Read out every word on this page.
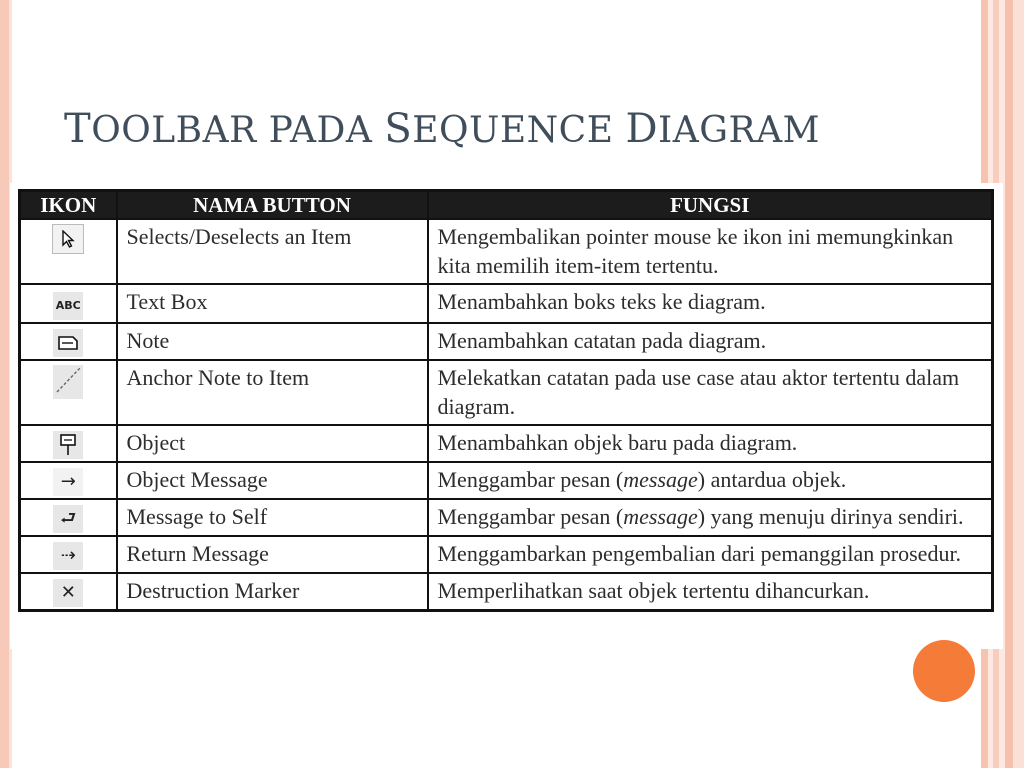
TOOLBAR PADA SEQUENCE DIAGRAM
IKON	NAMA BUTTON	FUNGSI
	Selects/Deselects an Item	Mengembalikan pointer mouse ke ikon ini memungkinkan kita memilih item-item tertentu.
ABC	Text Box	Menambahkan boks teks ke diagram.
	Note	Menambahkan catatan pada diagram.
	Anchor Note to Item	Melekatkan catatan pada use case atau aktor tertentu dalam diagram.
	Object	Menambahkan objek baru pada diagram.
→	Object Message	Menggambar pesan (message) antardua objek.
⮐	Message to Self	Menggambar pesan (message) yang menuju dirinya sendiri.
⇢	Return Message	Menggambarkan pengembalian dari pemanggilan prosedur.
✕	Destruction Marker	Memperlihatkan saat objek tertentu dihancurkan.
